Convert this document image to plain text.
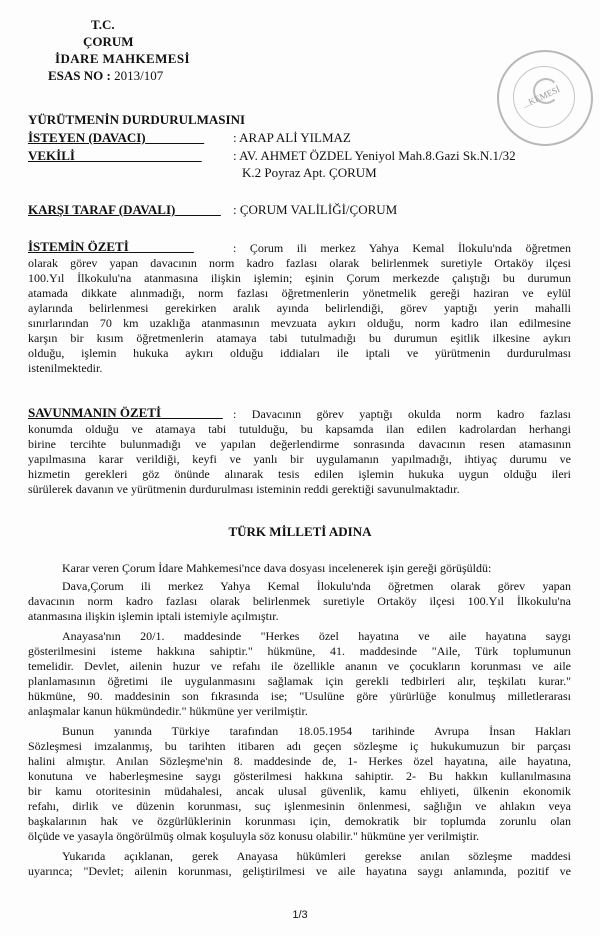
T.C.
ÇORUM
İDARE MAHKEMESİ
ESAS NO : 2013/107
...KEMESİ
YÜRÜTMENİN DURDURULMASINI
İSTEYEN (DAVACI)	: ARAP ALİ YILMAZ
VEKİLİ	: AV. AHMET ÖZDEL Yeniyol Mah.8.Gazi Sk.N.1/32
K.2 Poyraz Apt. ÇORUM
KARŞI TARAF (DAVALI)	: ÇORUM VALİLİĞİ/ÇORUM
İSTEMİN ÖZETİ	: Çorum ili merkez Yahya Kemal İlokulu'nda öğretmen
olarak görev yapan davacının norm kadro fazlası olarak belirlenmek suretiyle Ortaköy ilçesi
100.Yıl İlkokulu'na atanmasına ilişkin işlemin; eşinin Çorum merkezde çalıştığı bu durumun
atamada dikkate alınmadığı, norm fazlası öğretmenlerin yönetmelik gereği haziran ve eylül
aylarında belirlenmesi gerekirken aralık ayında belirlendiği, görev yaptığı yerin mahalli
sınırlarından 70 km uzaklığa atanmasının mevzuata aykırı olduğu, norm kadro ilan edilmesine
karşın bir kısım öğretmenlerin atamaya tabi tutulmadığı bu durumun eşitlik ilkesine aykırı
olduğu, işlemin hukuka aykırı olduğu iddiaları ile iptali ve yürütmenin durdurulması
istenilmektedir.
SAVUNMANIN ÖZETİ	: Davacının görev yaptığı okulda norm kadro fazlası
konumda olduğu ve atamaya tabi tutulduğu, bu kapsamda ilan edilen kadrolardan herhangi
birine tercihte bulunmadığı ve yapılan değerlendirme sonrasında davacının resen atamasının
yapılmasına karar verildiği, keyfi ve yanlı bir uygulamanın yapılmadığı, ihtiyaç durumu ve
hizmetin gerekleri göz önünde alınarak tesis edilen işlemin hukuka uygun olduğu ileri
sürülerek davanın ve yürütmenin durdurulması isteminin reddi gerektiği savunulmaktadır.
TÜRK MİLLETİ ADINA
Karar veren Çorum İdare Mahkemesi'nce dava dosyası incelenerek işin gereği görüşüldü:
Dava,Çorum ili merkez Yahya Kemal İlokulu'nda öğretmen olarak görev yapan
davacının norm kadro fazlası olarak belirlenmek suretiyle Ortaköy ilçesi 100.Yıl İlkokulu'na
atanmasına ilişkin işlemin iptali istemiyle açılmıştır.
Anayasa'nın 20/1. maddesinde "Herkes özel hayatına ve aile hayatına saygı
gösterilmesini isteme hakkına sahiptir." hükmüne, 41. maddesinde "Aile, Türk toplumunun
temelidir. Devlet, ailenin huzur ve refahı ile özellikle ananın ve çocukların korunması ve aile
planlamasının öğretimi ile uygulanmasını sağlamak için gerekli tedbirleri alır, teşkilatı kurar."
hükmüne, 90. maddesinin son fıkrasında ise; "Usulüne göre yürürlüğe konulmuş milletlerarası
anlaşmalar kanun hükmündedir." hükmüne yer verilmiştir.
Bunun yanında Türkiye tarafından 18.05.1954 tarihinde Avrupa İnsan Hakları
Sözleşmesi imzalanmış, bu tarihten itibaren adı geçen sözleşme iç hukukumuzun bir parçası
halini almıştır. Anılan Sözleşme'nin 8. maddesinde de, 1- Herkes özel hayatına, aile hayatına,
konutuna ve haberleşmesine saygı gösterilmesi hakkına sahiptir. 2- Bu hakkın kullanılmasına
bir kamu otoritesinin müdahalesi, ancak ulusal güvenlik, kamu ehliyeti, ülkenin ekonomik
refahı, dirlik ve düzenin korunması, suç işlenmesinin önlenmesi, sağlığın ve ahlakın veya
başkalarının hak ve özgürlüklerinin korunması için, demokratik bir toplumda zorunlu olan
ölçüde ve yasayla öngörülmüş olmak koşuluyla söz konusu olabilir." hükmüne yer verilmiştir.
Yukarıda açıklanan, gerek Anayasa hükümleri gerekse anılan sözleşme maddesi
uyarınca; "Devlet; ailenin korunması, geliştirilmesi ve aile hayatına saygı anlamında, pozitif ve
1/3
